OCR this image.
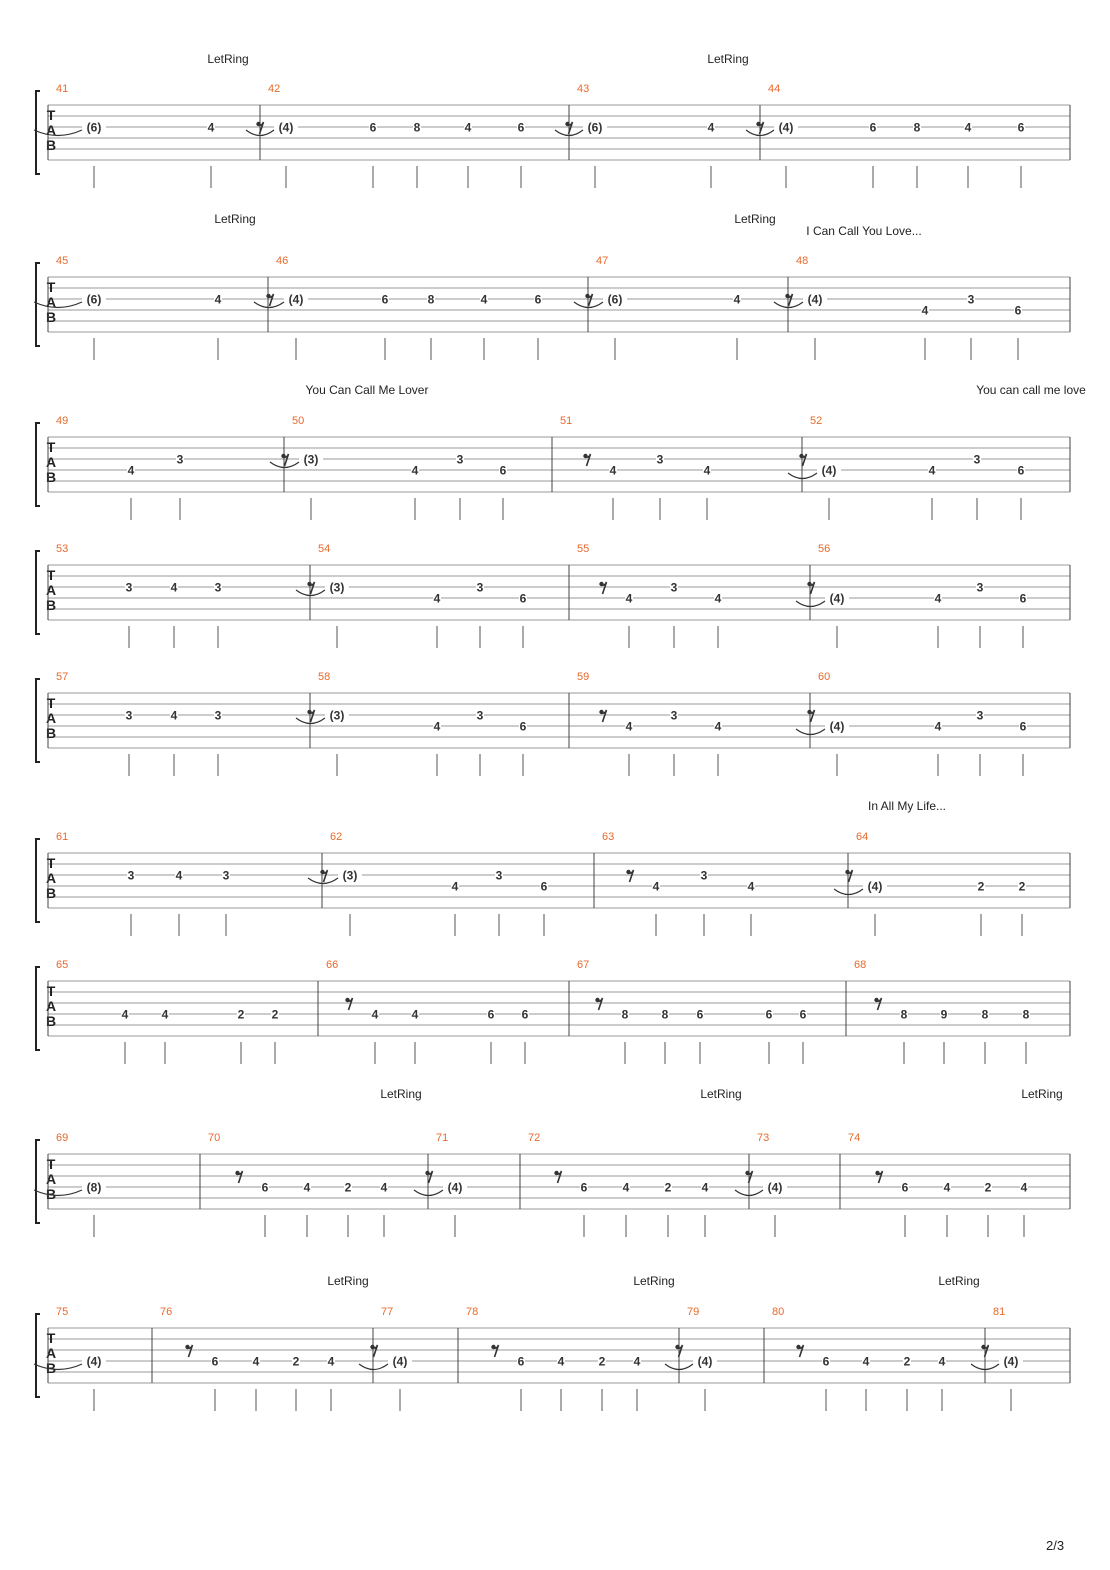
T
A
B
LetRing	LetRing
41
(6)	4
42
(4)	6	8	4	6
43
(6)	4
44
(4)	6	8	4	6
T
A
B
LetRing	LetRing
I Can Call You Love...
45
(6)	4
46
(4)	6	8	4	6
47
(6)	4
48
(4)
4
3
6
T
A
B
You Can Call Me Lover	You can call me love
49
4
3
50
(3)
4
3
6
51
4
3
4
52
(4)	4
3
6
T
A
B
53
3	4	3
54
(3)
4
3
6
55
4
3
4
56
(4)	4
3
6
T
A
B
57
3	4	3
58
(3)
4
3
6
59
4
3
4
60
(4)	4
3
6
T
A
B
In All My Life...
61
3	4	3
62
(3)
4
3
6
63
4
3
4
64
(4)	2	2
T
A
B
65
4	4	2 2
66
4	4	6 6
67
8	8 6	6 6
68
8	9	8	8
T
A
B
LetRing	LetRing	LetRing
69
(8)
70
6	4	2 4
71
(4)
72
6	4	2	4
73
(4)
74
6	4	2 4
T
A
B
LetRing	LetRing	LetRing
75
(4)
76
6	4	2 4
77
(4)
78
6	4	2 4
79
(4)
80
6	4	2 4
81
(4)
2/3
